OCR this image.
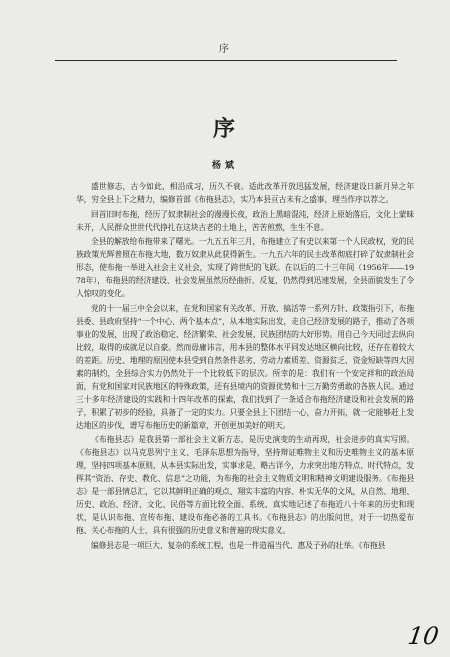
序
序
杨斌

盛世修志，古今如此，相沿成习，历久不衰。适此改革开放迅猛发展，经济建设日新月异之年华，穷全县上下之精力，编修首部《布拖县志》，实乃本县亘古未有之盛事，理当作序以荐之。

回首旧时布拖，经历了奴隶制社会的漫漫长夜，政治上黑暗混沌，经济上原始落后，文化上蒙昧未开，人民群众世世代代挣扎在这块古老的土地上，苦苦煎熬，生生不息。

全县的解放给布拖带来了曙光。一九五五年三月，布拖建立了有史以来第一个人民政权，党的民族政策光辉普照在布拖大地，数万奴隶从此获得新生。一九五六年的民主改革彻底打碎了奴隶制社会形态，使布拖一举进入社会主义社会，实现了跨世纪的飞跃。在以后的二十三年间（1956年——1978年），布拖县的经济建设、社会发展虽然历经曲折、反复，仍然得到迅速发展，全县面貌发生了令人惊叹的变化。

党的十一届三中全会以来，在党和国家有关改革、开放、搞活等一系列方针、政策指引下，布拖县委、县政府坚持“一个中心、两个基本点”，从本地实际出发，走自己经济发展的路子，推动了各项事业的发展，出现了政治稳定、经济繁荣、社会发展、民族团结的大好形势。用自己今天同过去纵向比较，取得的成就足以自豪。然而毋庸讳言，用本县的整体水平同发达地区横向比较，还存在着较大的差距。历史、地理的原因使本县受到自然条件恶劣、劳动力素质差、资源贫乏、资金短缺等四大因素的制约，全县综合实力仍然处于一个比较低下的层次。所幸的是：我们有一个安定祥和的政治局面，有党和国家对民族地区的特殊政策，还有县境内的资源优势和十三万勤劳勇敢的各族人民。通过三十多年经济建设的实践和十四年改革的探索，我们找到了一条适合布拖经济建设和社会发展的路子，积累了初步的经验，具备了一定的实力。只要全县上下团结一心，奋力开拓，就一定能够赶上发达地区的步伐，谱写布拖历史的新篇章，开创更加美好的明天。

《布拖县志》是我县第一部社会主义新方志，是历史演变的生动再现，社会进步的真实写照。《布拖县志》以马克思列宁主义、毛泽东思想为指导，坚持辩证唯物主义和历史唯物主义的基本原理，坚持四项基本原则，从本县实际出发，实事求是，略古详今，力求突出地方特点、时代特点，发挥其“资治、存史、教化、信息”之功能，为布拖的社会主义物质文明和精神文明建设服务。《布拖县志》是一部县情总汇，它以其鲜明正确的观点、翔实丰富的内容、朴实无华的文风，从自然、地理、历史、政治、经济、文化、民俗等方面比较全面、系统、真实地记述了布拖近八十年来的历史和现状，是认识布拖、宣传布拖、建设布拖必备的工具书。《布拖县志》的出版问世，对于一切热爱布拖、关心布拖的人士，具有很强的历史意义和普遍的现实意义。

编修县志是一项巨大、复杂的系统工程，也是一件造福当代、惠及子孙的壮举。《布拖县

10
